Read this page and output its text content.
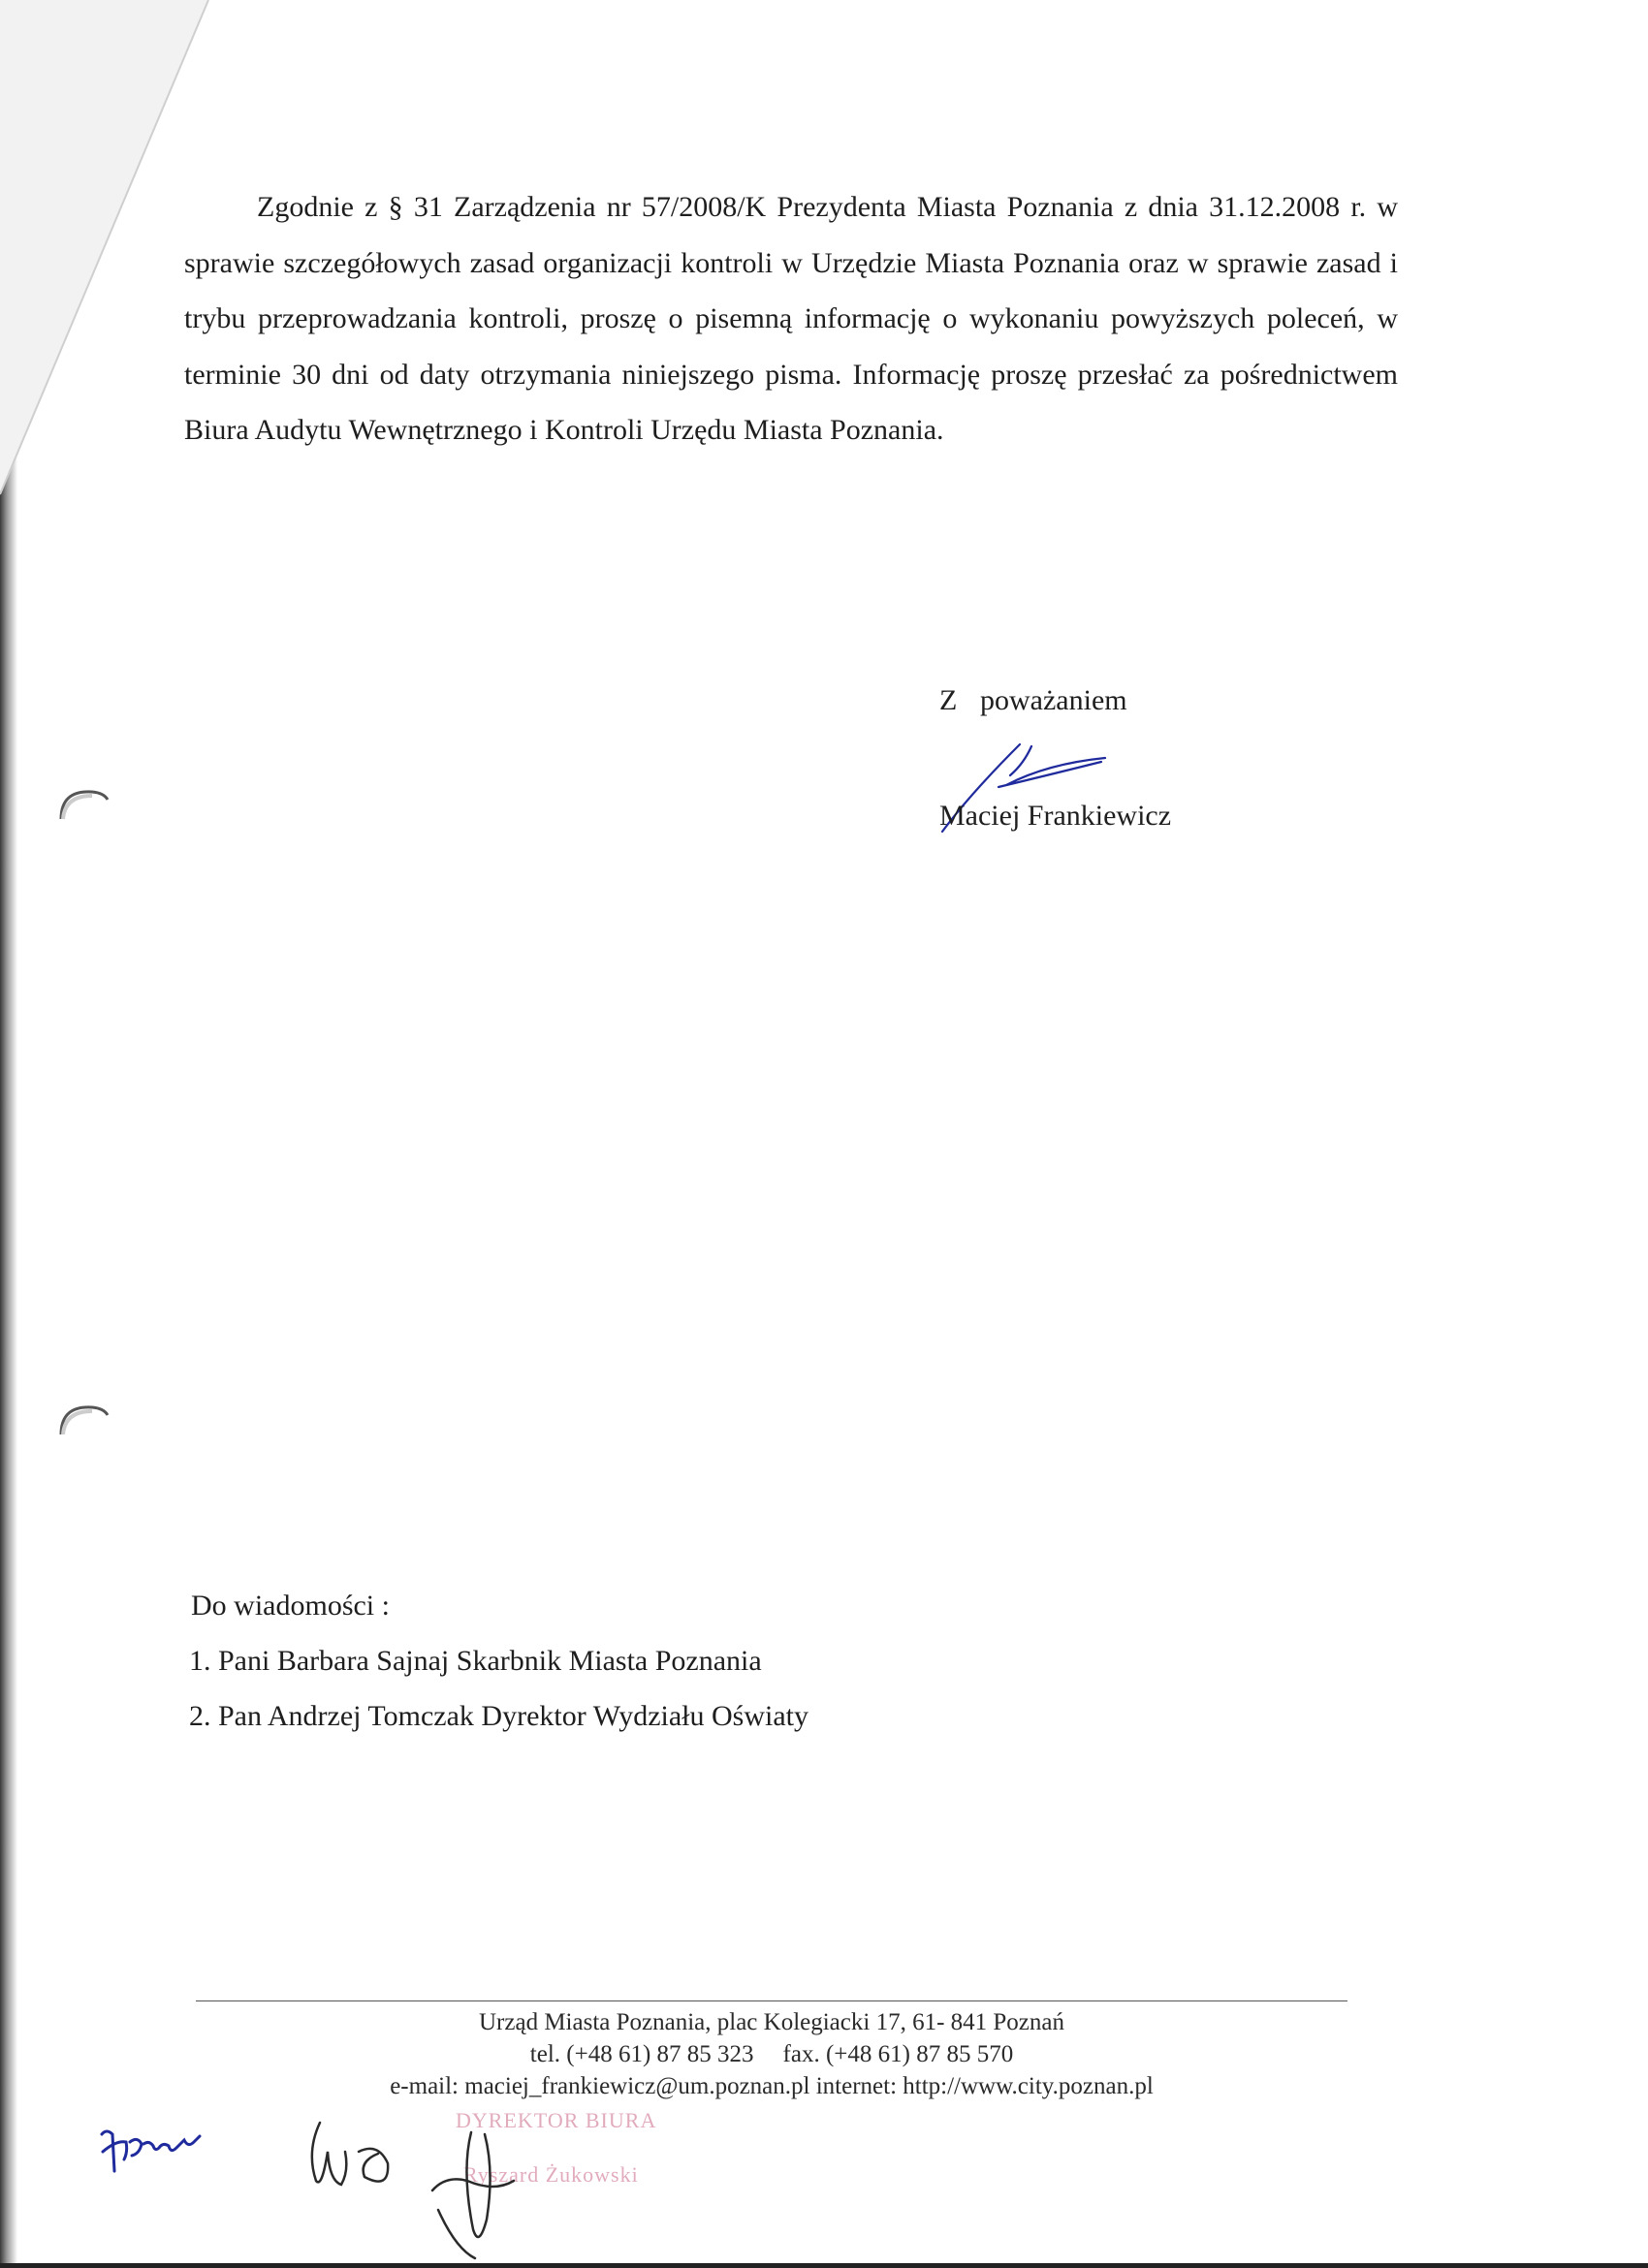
Zgodnie z § 31 Zarządzenia nr 57/2008/K Prezydenta Miasta Poznania z dnia 31.12.2008 r. w sprawie szczegółowych zasad organizacji kontroli w Urzędzie Miasta Poznania oraz w sprawie zasad i trybu przeprowadzania kontroli, proszę o pisemną informację o wykonaniu powyższych poleceń, w terminie 30 dni od daty otrzymania niniejszego pisma. Informację proszę przesłać za pośrednictwem Biura Audytu Wewnętrznego i Kontroli Urzędu Miasta Poznania.

Z poważaniem
Maciej Frankiewicz
Do wiadomości :
1. Pani Barbara Sajnaj Skarbnik Miasta Poznania
2. Pan Andrzej Tomczak Dyrektor Wydziału Oświaty
Urząd Miasta Poznania, plac Kolegiacki 17, 61- 841 Poznań
tel. (+48 61) 87 85 323 fax. (+48 61) 87 85 570
e-mail: maciej_frankiewicz@um.poznan.pl internet: http://www.city.poznan.pl
DYREKTOR BIURA
Ryszard Żukowski
